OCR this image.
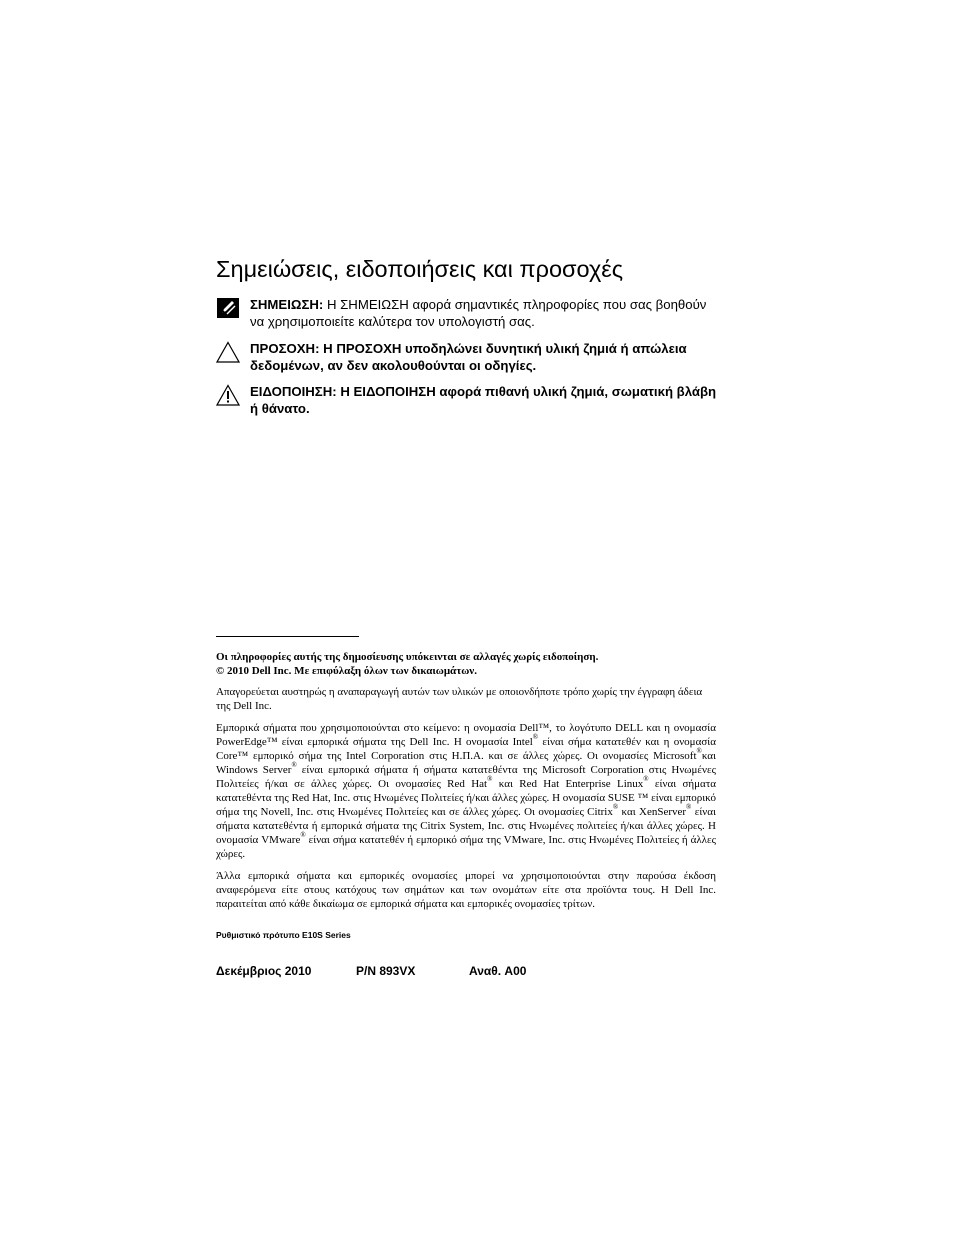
Σημειώσεις, ειδοποιήσεις και προσοχές
ΣΗΜΕΙΩΣΗ: Η ΣΗΜΕΙΩΣΗ αφορά σημαντικές πληροφορίες που σας βοηθούν να χρησιμοποιείτε καλύτερα τον υπολογιστή σας.
ΠΡΟΣΟΧΗ: Η ΠΡΟΣΟΧΗ υποδηλώνει δυνητική υλική ζημιά ή απώλεια δεδομένων, αν δεν ακολουθούνται οι οδηγίες.
ΕΙΔΟΠΟΙΗΣΗ: Η ΕΙΔΟΠΟΙΗΣΗ αφορά πιθανή υλική ζημιά, σωματική βλάβη ή θάνατο.
Οι πληροφορίες αυτής της δημοσίευσης υπόκεινται σε αλλαγές χωρίς ειδοποίηση.
© 2010 Dell Inc. Με επιφύλαξη όλων των δικαιωμάτων.
Απαγορεύεται αυστηρώς η αναπαραγωγή αυτών των υλικών με οποιονδήποτε τρόπο χωρίς την έγγραφη άδεια της Dell Inc.
Εμπορικά σήματα που χρησιμοποιούνται στο κείμενο: η ονομασία Dell™, το λογότυπο DELL και η ονομασία PowerEdge™ είναι εμπορικά σήματα της Dell Inc. Η ονομασία Intel® είναι σήμα κατατεθέν και η ονομασία Core™ εμπορικό σήμα της Intel Corporation στις Η.Π.Α. και σε άλλες χώρες. Οι ονομασίες Microsoft®και Windows Server® είναι εμπορικά σήματα ή σήματα κατατεθέντα της Microsoft Corporation στις Ηνωμένες Πολιτείες ή/και σε άλλες χώρες. Οι ονομασίες Red Hat® και Red Hat Enterprise Linux® είναι σήματα κατατεθέντα της Red Hat, Inc. στις Ηνωμένες Πολιτείες ή/και άλλες χώρες. Η ονομασία SUSE ™ είναι εμπορικό σήμα της Novell, Inc. στις Ηνωμένες Πολιτείες και σε άλλες χώρες. Οι ονομασίες Citrix® και XenServer® είναι σήματα κατατεθέντα ή εμπορικά σήματα της Citrix System, Inc. στις Ηνωμένες πολιτείες ή/και άλλες χώρες. Η ονομασία VMware® είναι σήμα κατατεθέν ή εμπορικό σήμα της VMware, Inc. στις Ηνωμένες Πολιτείες ή άλλες χώρες.
Άλλα εμπορικά σήματα και εμπορικές ονομασίες μπορεί να χρησιμοποιούνται στην παρούσα έκδοση αναφερόμενα είτε στους κατόχους των σημάτων και των ονομάτων είτε στα προϊόντα τους. Η Dell Inc. παραιτείται από κάθε δικαίωμα σε εμπορικά σήματα και εμπορικές ονομασίες τρίτων.
Ρυθμιστικό πρότυπο E10S Series
Δεκέμβριος 2010	P/N 893VX	Αναθ. A00
